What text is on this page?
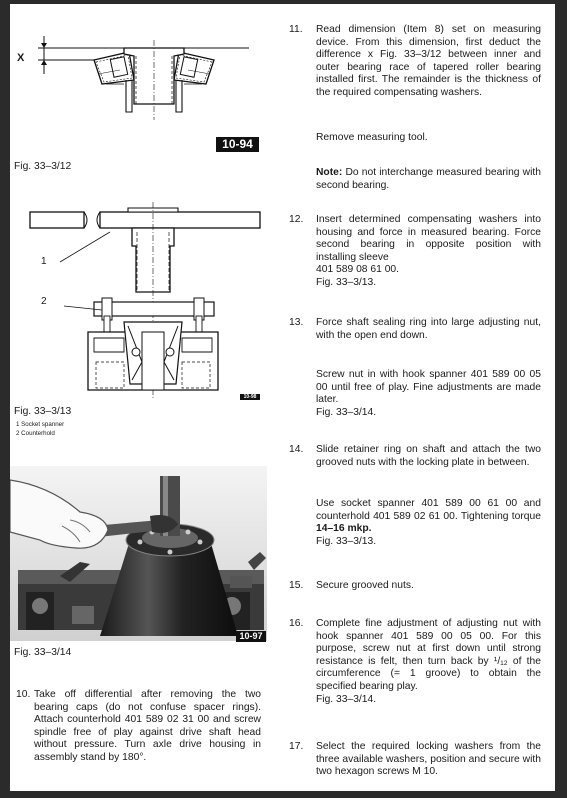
X
10-94
Fig. 33–3/12
1
2
10-98
Fig. 33–3/13
1 Socket spanner
2 Counterhold
10-97
Fig. 33–3/14
10. Take off differential after removing the two bearing caps (do not confuse spacer rings). Attach counterhold 401 589 02 31 00 and screw spindle free of play against drive shaft head without pressure. Turn axle drive housing in assembly stand by 180°.
11. Read dimension (Item 8) set on measuring device. From this dimension, first deduct the difference x Fig. 33–3/12 between inner and outer bearing race of tapered roller bearing installed first. The remainder is the thickness of the required compensating washers.
Remove measuring tool.
Note: Do not interchange measured bearing with second bearing.
12. Insert determined compensating washers into housing and force in measured bearing. Force second bearing in opposite position with installing sleeve
401 589 08 61 00.
Fig. 33–3/13.
13. Force shaft sealing ring into large adjusting nut, with the open end down.
Screw nut in with hook spanner 401 589 00 05 00 until free of play. Fine adjustments are made later.
Fig. 33–3/14.
14. Slide retainer ring on shaft and attach the two grooved nuts with the locking plate in between.
Use socket spanner 401 589 00 61 00 and counterhold 401 589 02 61 00. Tightening torque 14–16 mkp.
Fig. 33–3/13.
15. Secure grooved nuts.
16. Complete fine adjustment of adjusting nut with hook spanner 401 589 00 05 00. For this purpose, screw nut at first down until strong resistance is felt, then turn back by ¹/₁₂ of the circumference (= 1 groove) to obtain the specified bearing play.
Fig. 33–3/14.
17. Select the required locking washers from the three available washers, position and secure with two hexagon screws M 10.
